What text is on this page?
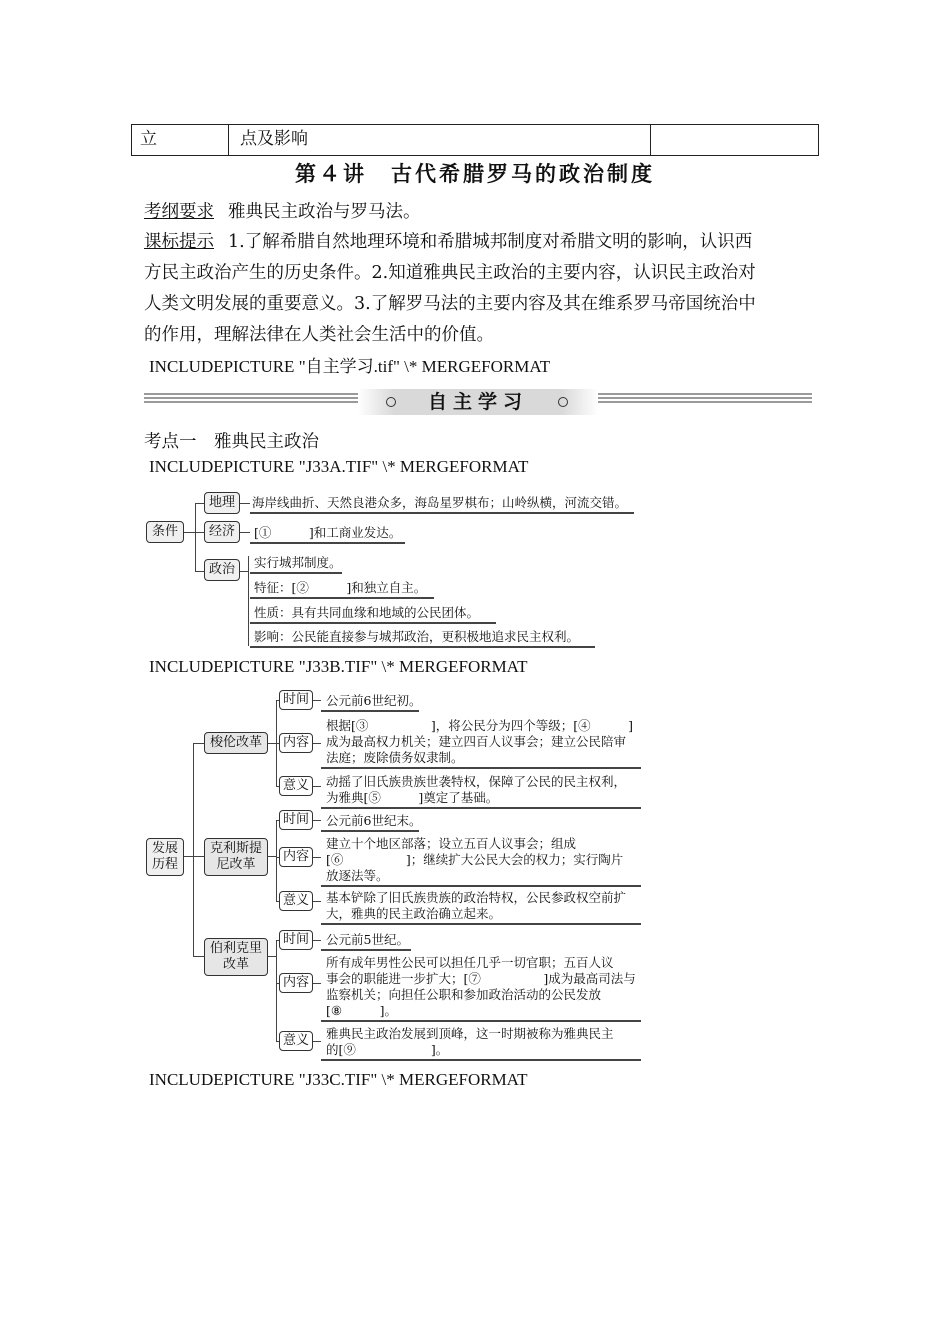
立	点及影响
第４讲　古代希腊罗马的政治制度
考纲要求 雅典民主政治与罗马法。
课标提示 1.了解希腊自然地理环境和希腊城邦制度对希腊文明的影响，认识西
方民主政治产生的历史条件。2.知道雅典民主政治的主要内容，认识民主政治对
人类文明发展的重要意义。3.了解罗马法的主要内容及其在维系罗马帝国统治中
的作用，理解法律在人类社会生活中的价值。
INCLUDEPICTURE "自主学习.tif" \* MERGEFORMAT
自主学习
考点一　雅典民主政治
INCLUDEPICTURE "J33A.TIF" \* MERGEFORMAT
条件
地理
经济
政治
海岸线曲折、天然良港众多，海岛星罗棋布；山岭纵横，河流交错。
[①　　　]和工商业发达。
实行城邦制度。
特征：[②　　　]和独立自主。
性质：具有共同血缘和地域的公民团体。
影响：公民能直接参与城邦政治，更积极地追求民主权利。
INCLUDEPICTURE "J33B.TIF" \* MERGEFORMAT
发展历程
梭伦改革
时间
内容
意义
公元前6世纪初。
根据[③　　　　　]，将公民分为四个等级；[④　　　]
成为最高权力机关；建立四百人议事会；建立公民陪审
法庭；废除债务奴隶制。
动摇了旧氏族贵族世袭特权，保障了公民的民主权利，
为雅典[⑤　　　]奠定了基础。
克利斯提尼改革
时间
内容
意义
公元前6世纪末。
建立十个地区部落；设立五百人议事会；组成
[⑥　　　　　]；继续扩大公民大会的权力；实行陶片
放逐法等。
基本铲除了旧氏族贵族的政治特权，公民参政权空前扩
大，雅典的民主政治确立起来。
伯利克里改革
时间
内容
意义
公元前5世纪。
所有成年男性公民可以担任几乎一切官职；五百人议
事会的职能进一步扩大；[⑦　　　　　]成为最高司法与
监察机关；向担任公职和参加政治活动的公民发放
[⑧　　　]。
雅典民主政治发展到顶峰，这一时期被称为雅典民主
的[⑨　　　　　　]。
INCLUDEPICTURE "J33C.TIF" \* MERGEFORMAT
